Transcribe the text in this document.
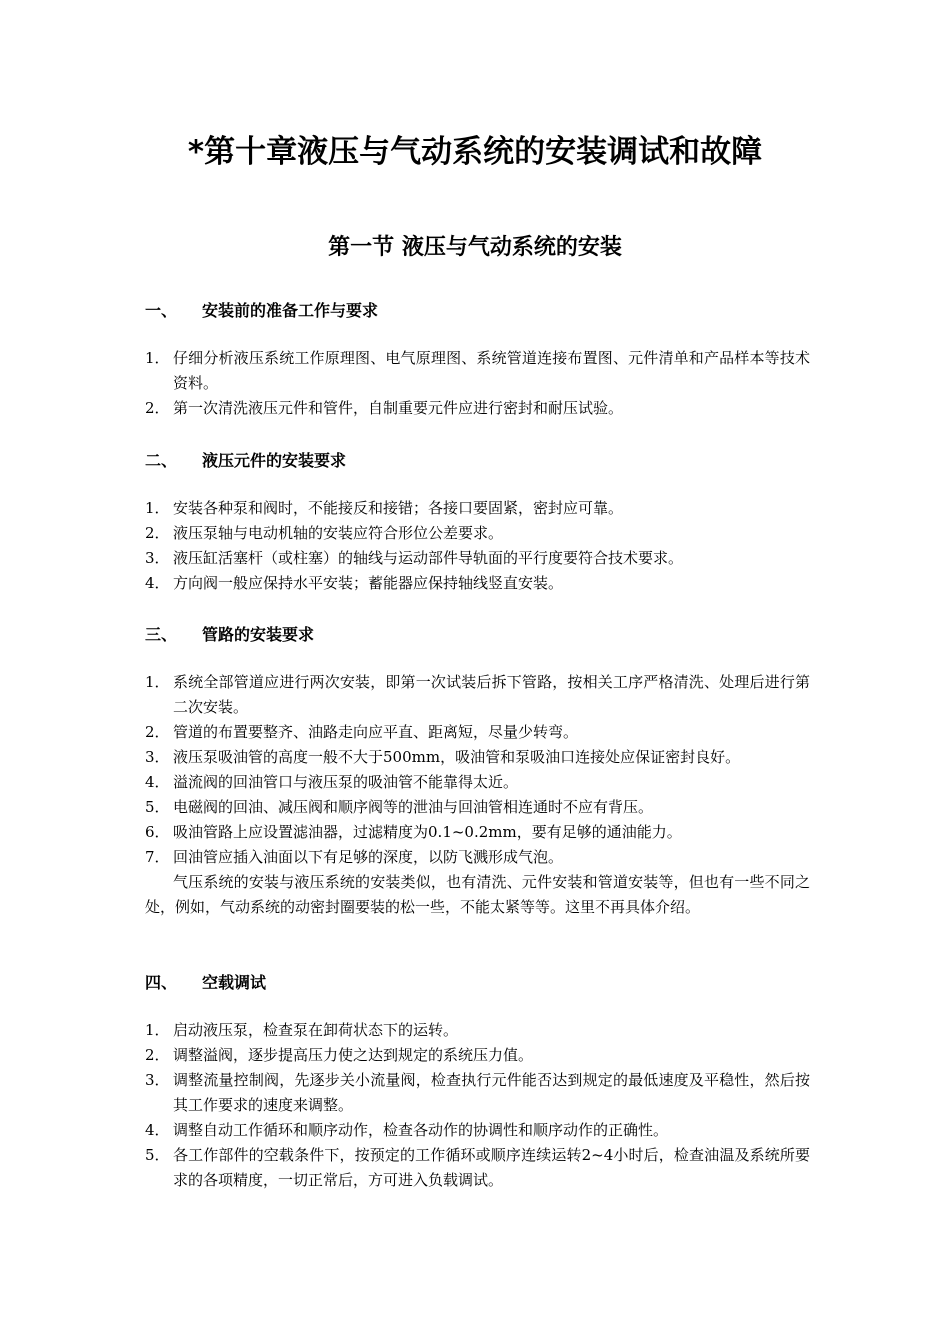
*第十章液压与气动系统的安装调试和故障
第一节 液压与气动系统的安装
一、	安装前的准备工作与要求
1． 仔细分析液压系统工作原理图、电气原理图、系统管道连接布置图、元件清单和产品样本等技术资料。
2． 第一次清洗液压元件和管件，自制重要元件应进行密封和耐压试验。
二、	液压元件的安装要求
1． 安装各种泵和阀时，不能接反和接错；各接口要固紧，密封应可靠。
2． 液压泵轴与电动机轴的安装应符合形位公差要求。
3． 液压缸活塞杆（或柱塞）的轴线与运动部件导轨面的平行度要符合技术要求。
4． 方向阀一般应保持水平安装；蓄能器应保持轴线竖直安装。
三、	管路的安装要求
1． 系统全部管道应进行两次安装，即第一次试装后拆下管路，按相关工序严格清洗、处理后进行第二次安装。
2． 管道的布置要整齐、油路走向应平直、距离短，尽量少转弯。
3． 液压泵吸油管的高度一般不大于500mm，吸油管和泵吸油口连接处应保证密封良好。
4． 溢流阀的回油管口与液压泵的吸油管不能靠得太近。
5． 电磁阀的回油、减压阀和顺序阀等的泄油与回油管相连通时不应有背压。
6． 吸油管路上应设置滤油器，过滤精度为0.1~0.2mm，要有足够的通油能力。
7． 回油管应插入油面以下有足够的深度，以防飞溅形成气泡。

气压系统的安装与液压系统的安装类似，也有清洗、元件安装和管道安装等，但也有一些不同之处，例如，气动系统的动密封圈要装的松一些，不能太紧等等。这里不再具体介绍。

四、	空载调试
1． 启动液压泵，检查泵在卸荷状态下的运转。
2． 调整溢阀，逐步提高压力使之达到规定的系统压力值。
3． 调整流量控制阀，先逐步关小流量阀，检查执行元件能否达到规定的最低速度及平稳性，然后按其工作要求的速度来调整。
4． 调整自动工作循环和顺序动作，检查各动作的协调性和顺序动作的正确性。
5． 各工作部件的空载条件下，按预定的工作循环或顺序连续运转2~4小时后，检查油温及系统所要求的各项精度，一切正常后，方可进入负载调试。
